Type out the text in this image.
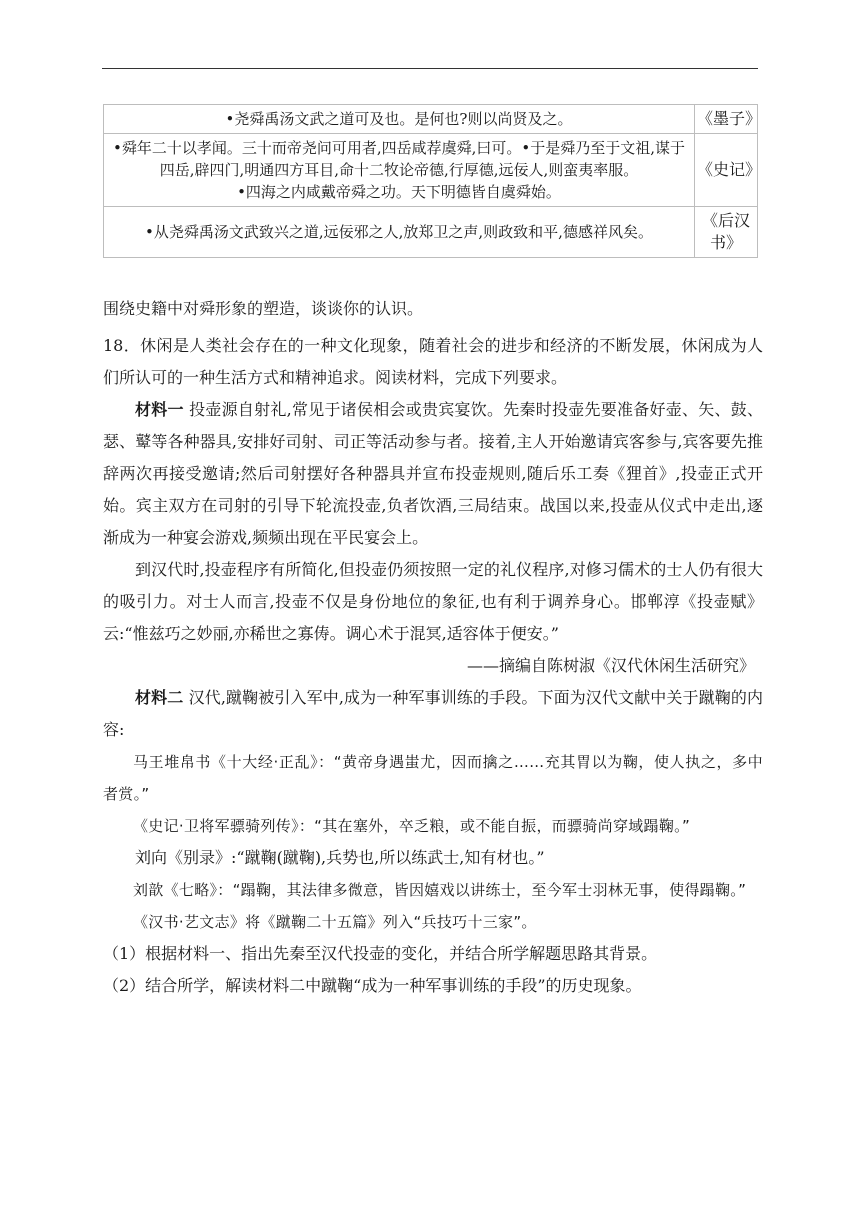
•尧舜禹汤文武之道可及也。是何也?则以尚贤及之。	《墨子》

•舜年二十以孝闻。三十而帝尧问可用者,四岳咸荐虞舜,曰可。•于是舜乃至于文祖,谋于四岳,辟四门,明通四方耳目,命十二牧论帝德,行厚德,远佞人,则蛮夷率服。
•四海之内咸戴帝舜之功。天下明德皆自虞舜始。	《史记》

•从尧舜禹汤文武致兴之道,远佞邪之人,放郑卫之声,则政致和平,德感祥风矣。	《后汉书》
围绕史籍中对舜形象的塑造，谈谈你的认识。

18．休闲是人类社会存在的一种文化现象，随着社会的进步和经济的不断发展，休闲成为人们所认可的一种生活方式和精神追求。阅读材料，完成下列要求。

材料一 投壶源自射礼,常见于诸侯相会或贵宾宴饮。先秦时投壶先要准备好壶、矢、鼓、瑟、鼙等各种器具,安排好司射、司正等活动参与者。接着,主人开始邀请宾客参与,宾客要先推辞两次再接受邀请;然后司射摆好各种器具并宣布投壶规则,随后乐工奏《狸首》,投壶正式开始。宾主双方在司射的引导下轮流投壶,负者饮酒,三局结束。战国以来,投壶从仪式中走出,逐渐成为一种宴会游戏,频频出现在平民宴会上。

到汉代时,投壶程序有所简化,但投壶仍须按照一定的礼仪程序,对修习儒术的士人仍有很大的吸引力。对士人而言,投壶不仅是身份地位的象征,也有利于调养身心。邯郸淳《投壶赋》云:“惟兹巧之妙丽,亦稀世之寡俦。调心术于混冥,适容体于便安。”

——摘编自陈树淑《汉代休闲生活研究》

材料二 汉代,蹴鞠被引入军中,成为一种军事训练的手段。下面为汉代文献中关于蹴鞠的内容:

马王堆帛书《十大经·正乱》：“黄帝身遇蚩尤，因而擒之……充其胃以为鞠，使人执之，多中者赏。”

《史记·卫将军骠骑列传》：“其在塞外，卒乏粮，或不能自振，而骠骑尚穿域蹋鞠。”

刘向《别录》:“蹴鞠(蹴鞠),兵势也,所以练武士,知有材也。”

刘歆《七略》：“蹋鞠，其法律多微意，皆因嬉戏以讲练士，至今军士羽林无事，使得蹋鞠。”

《汉书·艺文志》将《蹴鞠二十五篇》列入“兵技巧十三家”。

（1）根据材料一、指出先秦至汉代投壶的变化，并结合所学解题思路其背景。

（2）结合所学，解读材料二中蹴鞠“成为一种军事训练的手段”的历史现象。
